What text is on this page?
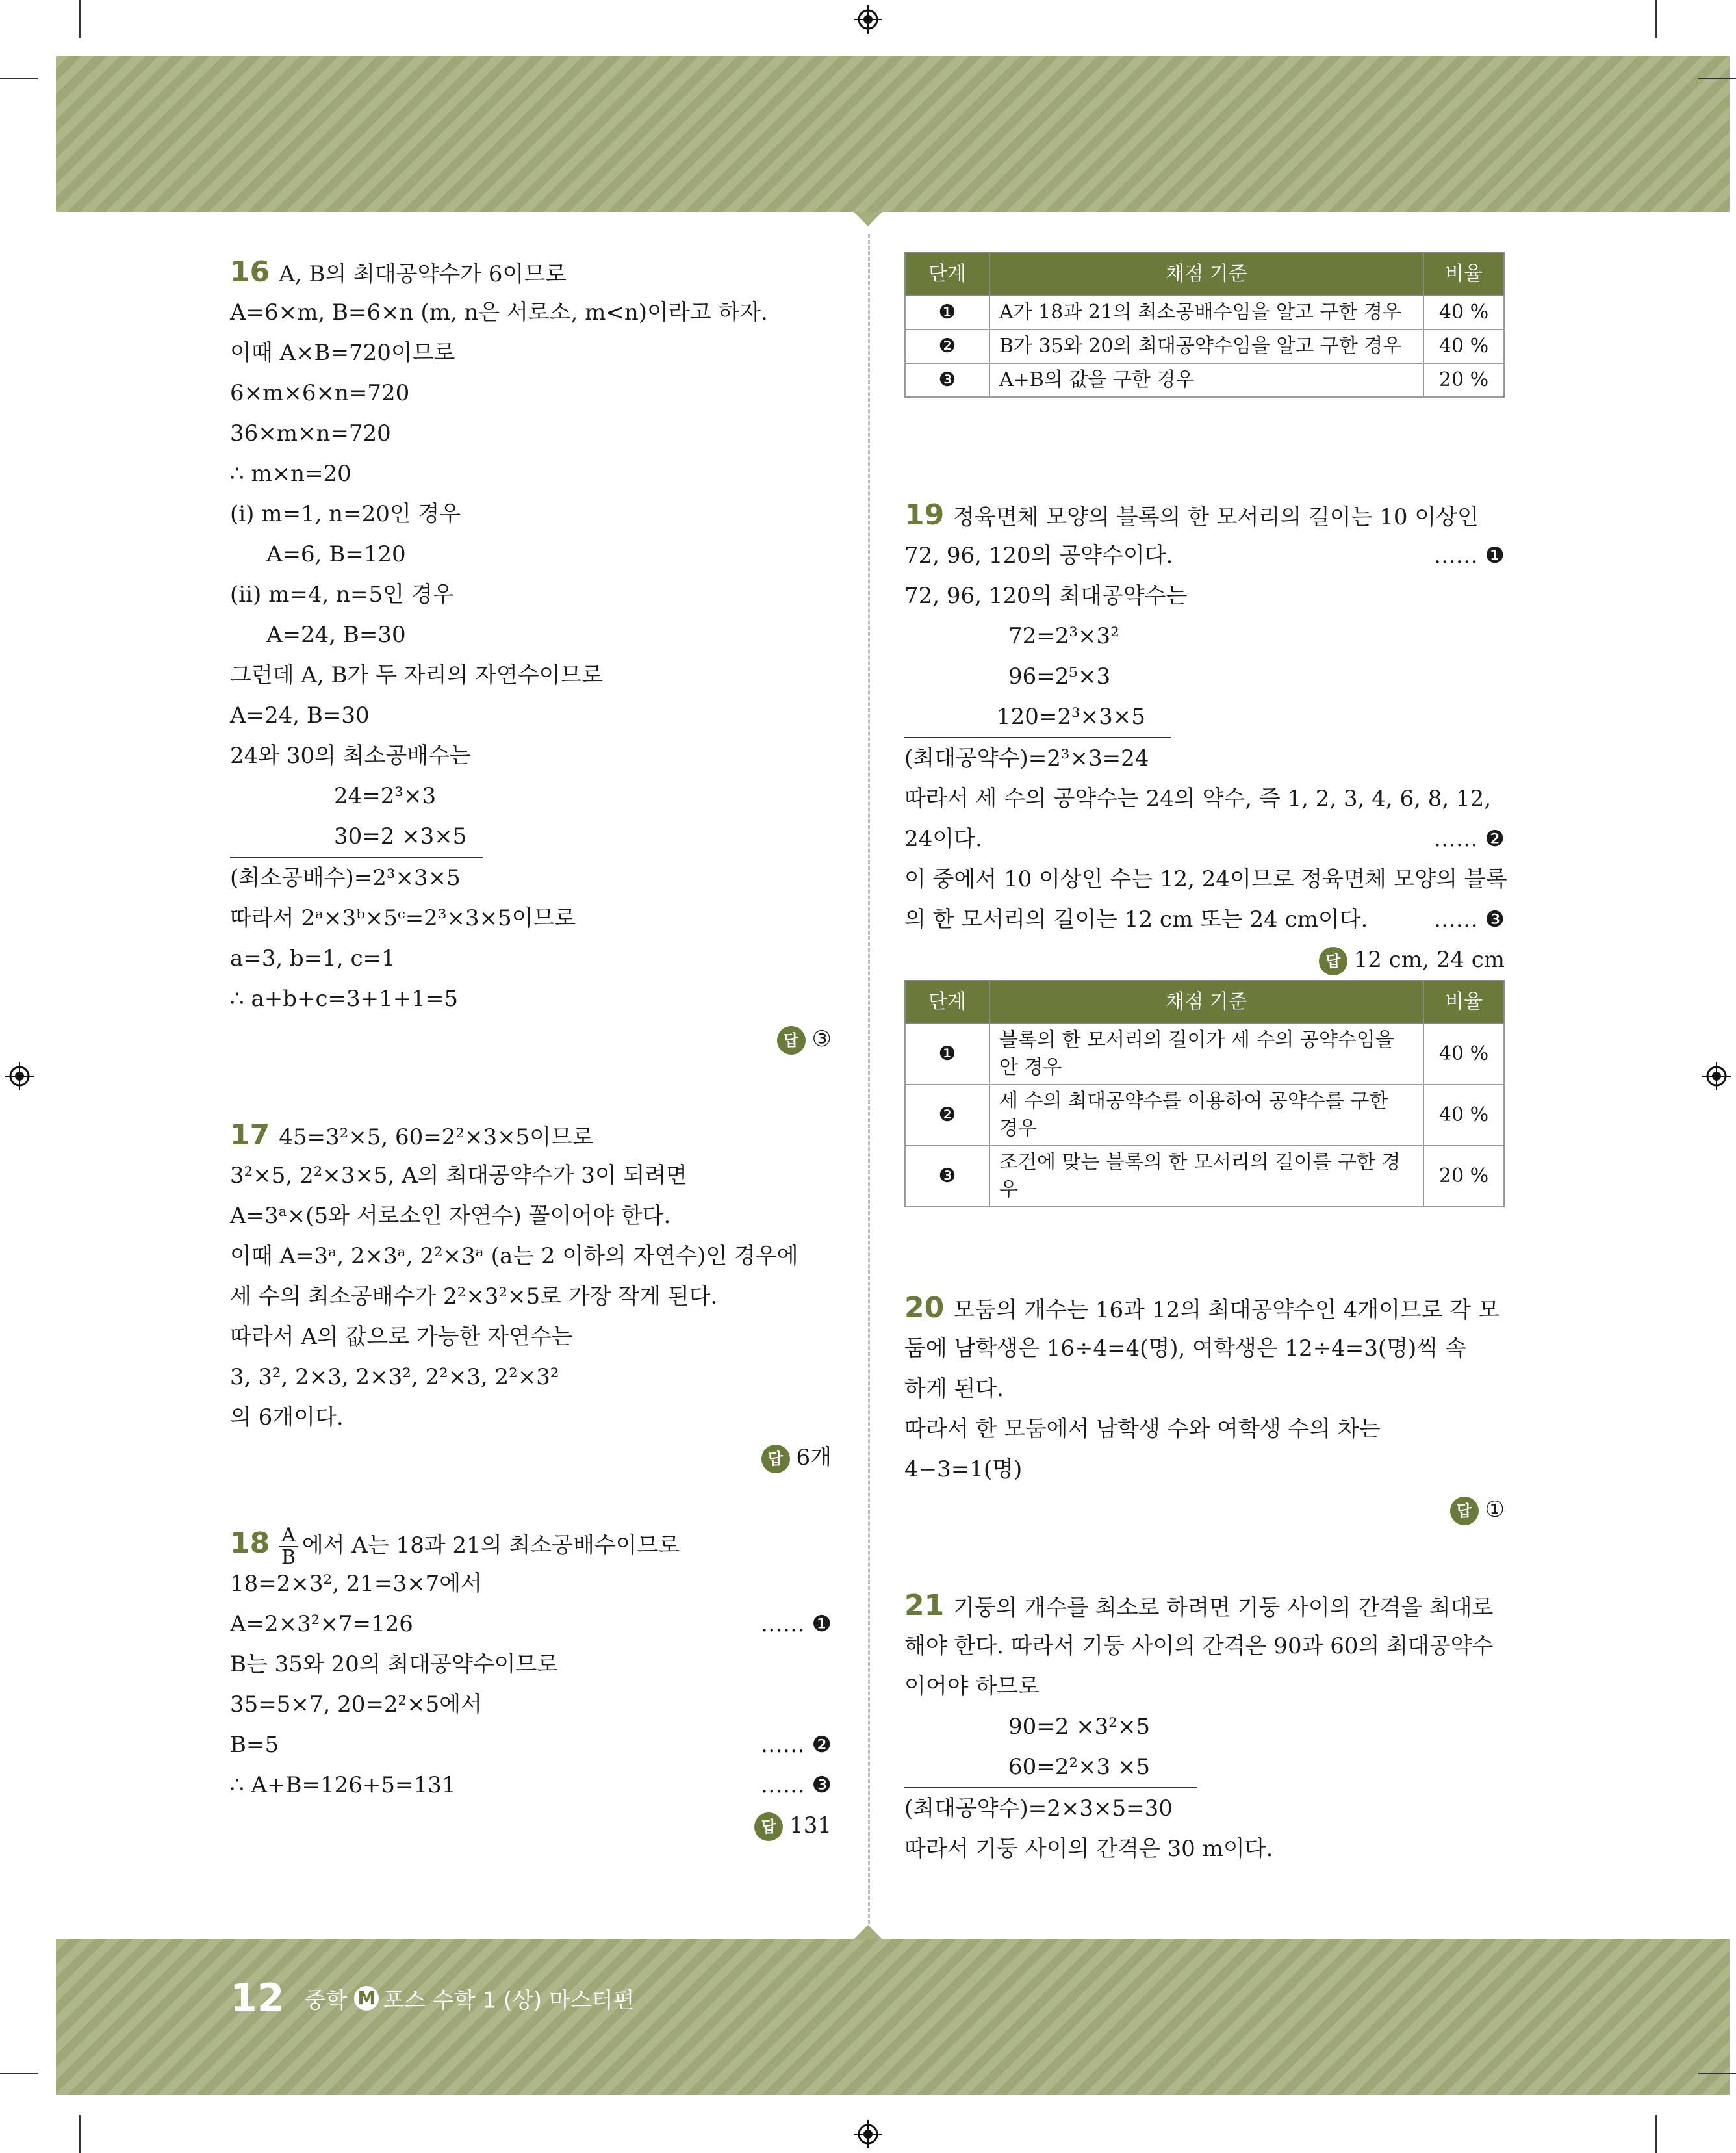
16 A, B의 최대공약수가 6이므로
A=6×m, B=6×n (m, n은 서로소, m<n)이라고 하자.
이때 A×B=720이므로
6×m×6×n=720
36×m×n=720
∴ m×n=20
(ⅰ) m=1, n=20인 경우
A=6, B=120
(ⅱ) m=4, n=5인 경우
A=24, B=30
그런데 A, B가 두 자리의 자연수이므로
A=24, B=30
24와 30의 최소공배수는
24=2³×3
30=2 ×3×5
(최소공배수)=2³×3×5
따라서 2ᵃ×3ᵇ×5ᶜ=2³×3×5이므로
a=3, b=1, c=1
∴ a+b+c=3+1+1=5
답 ③
17 45=3²×5, 60=2²×3×5이므로
3²×5, 2²×3×5, A의 최대공약수가 3이 되려면
A=3ᵃ×(5와 서로소인 자연수) 꼴이어야 한다.
이때 A=3ᵃ, 2×3ᵃ, 2²×3ᵃ (a는 2 이하의 자연수)인 경우에
세 수의 최소공배수가 2²×3²×5로 가장 작게 된다.
따라서 A의 값으로 가능한 자연수는
3, 3², 2×3, 2×3², 2²×3, 2²×3²
의 6개이다.
답 6개
$18 \frac{A}{B}$ 에서 A는 18과 21의 최소공배수이므로
18=2×3², 21=3×7에서
A=2×3²×7=126	…… ❶
B는 35와 20의 최대공약수이므로
35=5×7, 20=2²×5에서
B=5	…… ❷
∴ A+B=126+5=131	…… ❸
답 131
단계	채점 기준	비율
❶	A가 18과 21의 최소공배수임을 알고 구한 경우	40 %
❷	B가 35와 20의 최대공약수임을 알고 구한 경우	40 %
❸	A+B의 값을 구한 경우	20 %
19 정육면체 모양의 블록의 한 모서리의 길이는 10 이상인
72, 96, 120의 공약수이다.	…… ❶
72, 96, 120의 최대공약수는
72=2³×3²
96=2⁵×3
120=2³×3×5
(최대공약수)=2³×3=24
따라서 세 수의 공약수는 24의 약수, 즉 1, 2, 3, 4, 6, 8, 12,
24이다.	…… ❷
이 중에서 10 이상인 수는 12, 24이므로 정육면체 모양의 블록
의 한 모서리의 길이는 12 cm 또는 24 cm이다.	…… ❸
답 12 cm, 24 cm
단계	채점 기준	비율
❶	블록의 한 모서리의 길이가 세 수의 공약수임을
안 경우	40 %
❷	세 수의 최대공약수를 이용하여 공약수를 구한
경우	40 %
❸	조건에 맞는 블록의 한 모서리의 길이를 구한 경우	20 %
20 모둠의 개수는 16과 12의 최대공약수인 4개이므로 각 모
둠에 남학생은 16÷4=4(명), 여학생은 12÷4=3(명)씩 속
하게 된다.
따라서 한 모둠에서 남학생 수와 여학생 수의 차는
4−3=1(명)
답 ①
21 기둥의 개수를 최소로 하려면 기둥 사이의 간격을 최대로
해야 한다. 따라서 기둥 사이의 간격은 90과 60의 최대공약수
이어야 하므로
90=2 ×3²×5
60=2²×3 ×5
(최대공약수)=2×3×5=30
따라서 기둥 사이의 간격은 30 m이다.
12 중학 M 포스 수학 1 (상) 마스터편
